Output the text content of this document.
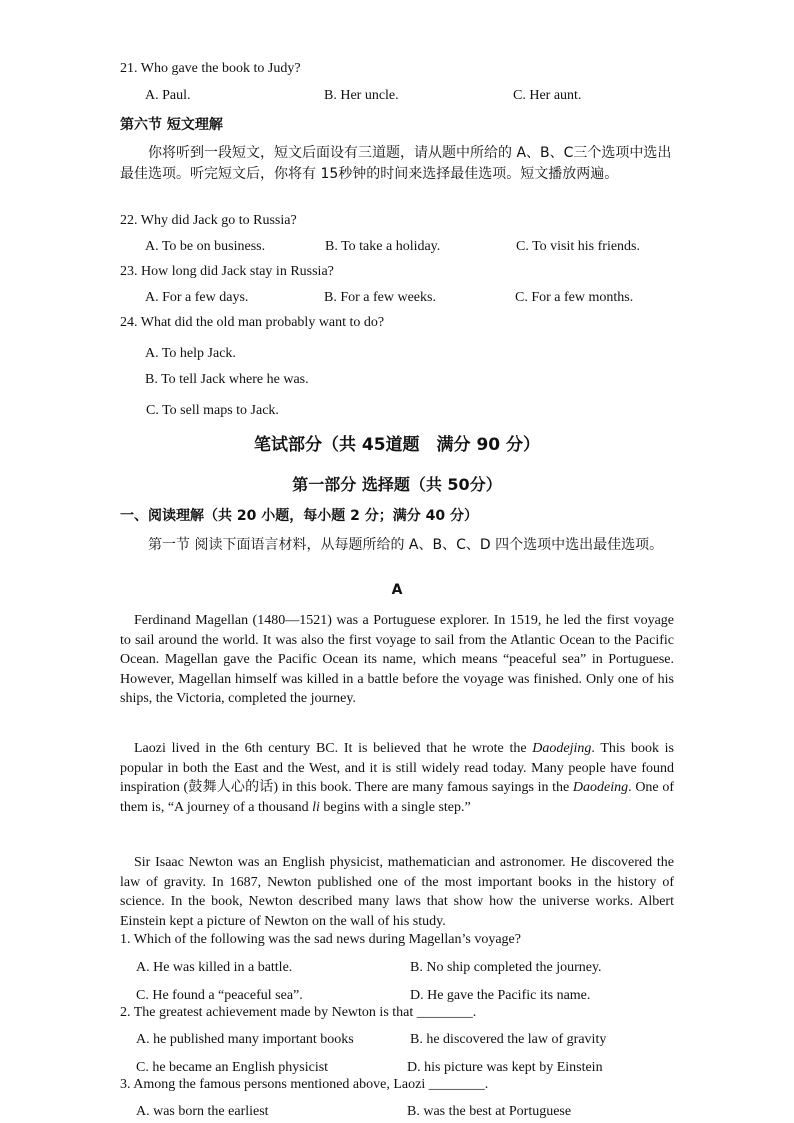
21. Who gave the book to Judy?
A. Paul.	B. Her uncle.	C. Her aunt.
第六节 短文理解
你将听到一段短文，短文后面设有三道题，请从题中所给的 A、B、C三个选项中选出最佳选项。听完短文后，你将有 15秒钟的时间来选择最佳选项。短文播放两遍。
22. Why did Jack go to Russia?
A. To be on business.	B. To take a holiday.	C. To visit his friends.
23. How long did Jack stay in Russia?
A. For a few days.	B. For a few weeks.	C. For a few months.
24. What did the old man probably want to do?
A. To help Jack.
B. To tell Jack where he was.
C. To sell maps to Jack.
笔试部分（共 45道题　满分 90 分）
第一部分 选择题（共 50分）
一、阅读理解（共 20 小题，每小题 2 分；满分 40 分）
第一节 阅读下面语言材料，从每题所给的 A、B、C、D 四个选项中选出最佳选项。
A

Ferdinand Magellan (1480—1521) was a Portuguese explorer. In 1519, he led the first voyage to sail around the world. It was also the first voyage to sail from the Atlantic Ocean to the Pacific Ocean. Magellan gave the Pacific Ocean its name, which means “peaceful sea” in Portuguese. However, Magellan himself was killed in a battle before the voyage was finished. Only one of his ships, the Victoria, completed the journey.

Laozi lived in the 6th century BC. It is believed that he wrote the Daodejing. This book is popular in both the East and the West, and it is still widely read today. Many people have found inspiration (鼓舞人心的话) in this book. There are many famous sayings in the Daodeing. One of them is, “A journey of a thousand li begins with a single step.”

Sir Isaac Newton was an English physicist, mathematician and astronomer. He discovered the law of gravity. In 1687, Newton published one of the most important books in the history of science. In the book, Newton described many laws that show how the universe works. Albert Einstein kept a picture of Newton on the wall of his study.

1. Which of the following was the sad news during Magellan’s voyage?
A. He was killed in a battle.	B. No ship completed the journey.
C. He found a “peaceful sea”.	D. He gave the Pacific its name.
2. The greatest achievement made by Newton is that ________.
A. he published many important books	B. he discovered the law of gravity
C. he became an English physicist	D. his picture was kept by Einstein
3. Among the famous persons mentioned above, Laozi ________.
A. was born the earliest	B. was the best at Portuguese
